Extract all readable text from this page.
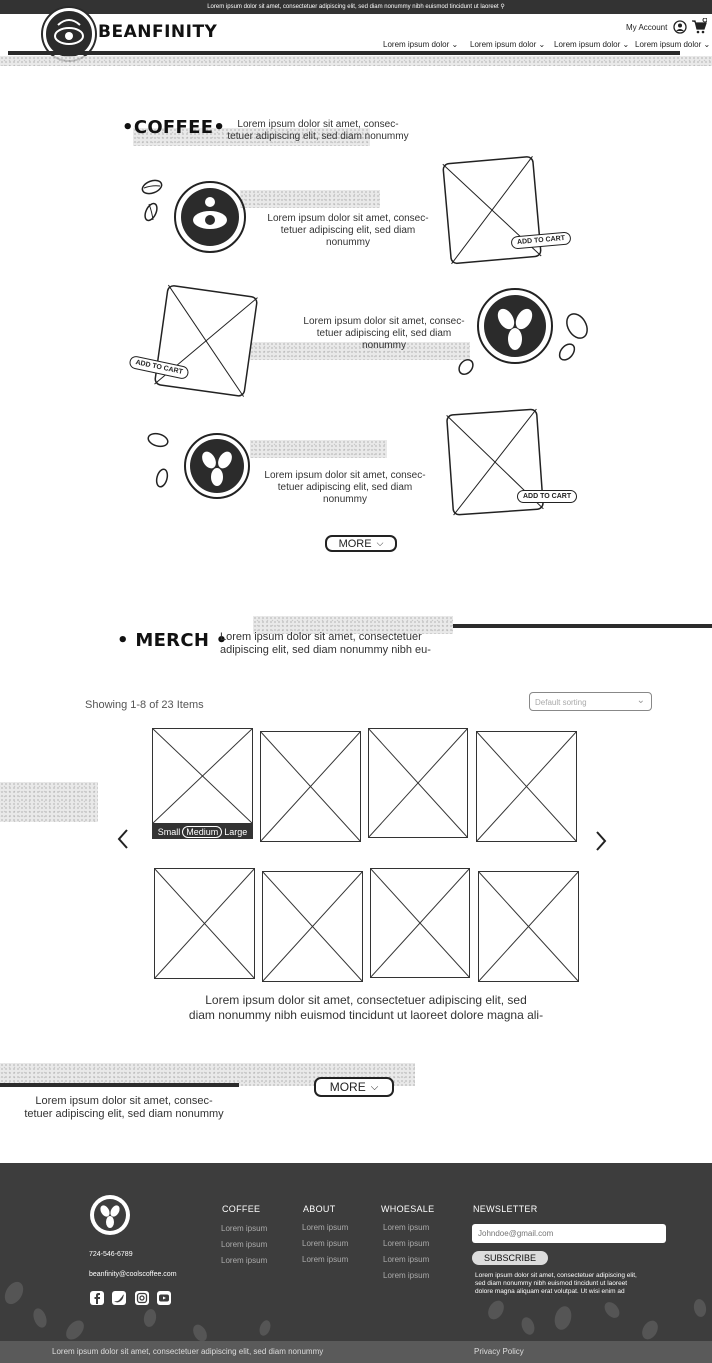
Lorem ipsum dolor sit amet, consectetuer adipiscing elit, sed diam nonummy nibh euismod tincidunt ut laoreet ⚲
BEANFINITY	My Account
Lorem ipsum dolor ⌄ Lorem ipsum dolor ⌄ Lorem ipsum dolor ⌄ Lorem ipsum dolor ⌄
•COFFEE•	Lorem ipsum dolor sit amet, consec-
tetuer adipiscing elit, sed diam nonummy
Lorem ipsum dolor sit amet, consec-
tetuer adipiscing elit, sed diam nonummy	ADD TO CART
ADD TO CART
Lorem ipsum dolor sit amet, consec-
tetuer adipiscing elit, sed diam nonummy
Lorem ipsum dolor sit amet, consec-
tetuer adipiscing elit, sed diam nonummy	ADD TO CART
MORE ⌵
• MERCH •
Lorem ipsum dolor sit amet, consectetuer
adipiscing elit, sed diam nonummy nibh eu-
Showing 1-8 of 23 Items	Default sorting	⌄
Small Medium Large
Lorem ipsum dolor sit amet, consectetuer adipiscing elit, sed
diam nonummy nibh euismod tincidunt ut laoreet dolore magna ali-
MORE ⌵
Lorem ipsum dolor sit amet, consec-
tetuer adipiscing elit, sed diam nonummy
724-546-6789
beanfinity@coolscoffee.com
COFFEE
Lorem ipsum
Lorem ipsum
Lorem ipsum
ABOUT
Lorem ipsum
Lorem ipsum
Lorem ipsum
WHOESALE
Lorem ipsum
Lorem ipsum
Lorem ipsum
Lorem ipsum
NEWSLETTER
Johndoe@gmail.com
SUBSCRIBE
Lorem ipsum dolor sit amet, consectetuer adipiscing elit,
sed diam nonummy nibh euismod tincidunt ut laoreet
dolore magna aliquam erat volutpat. Ut wisi enim ad
Lorem ipsum dolor sit amet, consectetuer adipiscing elit, sed diam nonummy	Privacy Policy
